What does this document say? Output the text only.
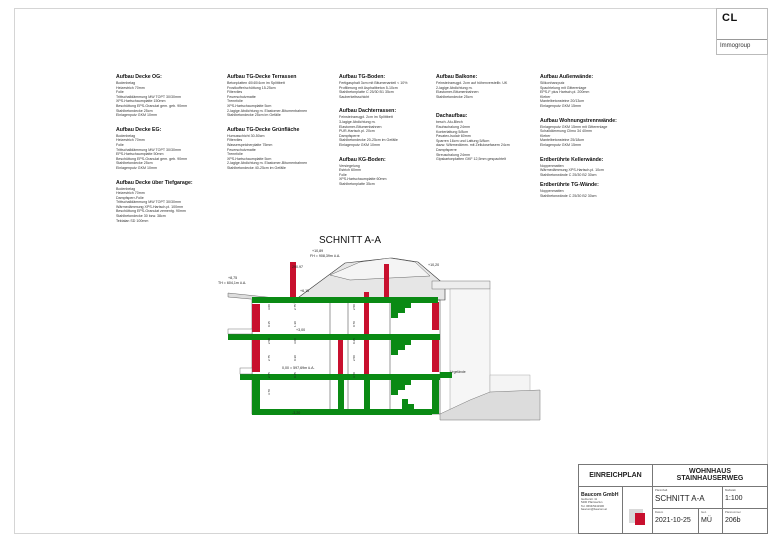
CL
Immogroup
Aufbau Decke OG:
Bodenbelag
Heizestrich 70mm
Folie
Trittschalldämmung MW TOPT 30/30mm
XPS-Hartschaumplatte 150mm
Beschüttung EPS-Granulat gem. geb. 90mm
Stahlbetondecke 25cm
Einlagenputz GKM 10mm
Aufbau Decke EG:
Bodenbelag
Heizestrich 70mm
Folie
Trittschalldämmung MW TOPT 30/30mm
EPS-Hartschaumplatte 50mm
Beschüttung EPS-Granulat gem. geb. 90mm
Stahlbetondecke 25cm
Einlagenputz GKM 10mm
Aufbau Decke über Tiefgarage:
Bodenbelag
Heizestrich 70mm
Dampfsperr-Folie
Trittschalldämmung MW TOPT 30/30mm
Wärmedämmung XPS-Hartsch.pl. 100mm
Beschüttung EPS-Granulat zementg. 90mm
Stahlbetondecke 30 bzw. 38cm
Tektalan SD 100mm
Aufbau TG-Decke Terrassen
Betonplatten 40/40/4cm im Splittbett
Frostkoffer/schüttung 15-25cm
Filtervlies
Feuerschutzmatte
Trennfolie
XPS-Hartschaumplatte 5cm
2-lagige Abdichtung m. Elastomer-Bitumenbahnen
Stahlbetondecke 25cm im Gefälle
Aufbau TG-Decke Grünfläche
Humusschicht 30-50cm
Filtervlies
Wasserspeicherplatte 75mm
Feuerschutzmatte
Trennfolie
XPS-Hartschaumplatte 5cm
2-lagige Abdichtung m. Elastomer-Bitumenbahnen
Stahlbetondecke 40-25cm im Gefälle
Aufbau TG-Boden:
Fertigasphalt 3cm mit Bitumenanteil < 10%
Profilierung mit Asphaltbeton 5-10cm
Stahlbetonplatte C 25/30 B1 35cm
Sauberkeitsschicht
Aufbau Dachterrassen:
Feinsteinzeugpl. 2cm im Splittbett
3-lagige Abdichtung m.
Elastomer-Bitumenbahnen
PUR-Hartsch.pl. 20cm
Dampfsperre
Stahlbetondecke 20-25cm im Gefälle
Einlagenputz GKM 10mm
Aufbau KG-Boden:
Versiegelung
Estrich 60mm
Folie
XPS-Hartschaumplatte 60mm
Stahlbetonplatte 35cm
Aufbau Balkone:
Feinsteinzeugpl. 2cm auf höhenverstellb. UK
2-lagige Abdichtung m.
Elastomer-Bitumenbahnen
Stahlbetondecke 25cm
Dachaufbau:
besch. Alu-Blech
Rauhschalung 24mm
Konterlattung 5/8cm
Pavatex-Isolair 60mm
Sparren 16cm und Lattung 5/8cm
dazw. Wärmedämm. mit Zellulosefasern 24cm
Dampfsperre
Streuschalung 24mm
Gipskartonplatten GKF 12,5mm gespachtelt
Aufbau Außenwände:
Silikonharzputz
Spachtelung mit Gitterenlage
EPS-F plus Hartsch.pl. 200mm
Kleber
Mantelbetonsteine 20/13cm
Einlagenputz GKM 15mm
Aufbau Wohnungstrennwände:
Einlagenputz GKM 15mm mit Gitterenlage
Schalldämmung Climo 34 40mm
Kleber
Mantelbetonsteine 25/18cm
Einlagenputz GKM 15mm
Erdberührte Kellerwände:
Noppenmatten
Wärmedämmung XPS-Hartsch.pl. 10cm
Stahlbetonwände C 25/30 B2 30cm
Erdberührte TG-Wände:
Noppenmatten
Stahlbetonwände C 25/30 B2 30cm
SCHNITT A-A
Urgelände
+10,89
FH = 908,39m ü.A.
+10,20
290.97
+8,75
TH = 604,1m ü.A.
+6,15
+3,00
0,00 = 597,69m ü.A.
-3,20
3.00	2.75	2.50
0.15	1.30	0.70
2.50	3.00	0.25
2.75	0.30	2.50
2.75	0.45	3.70
3.70
EINREICHPLAN
WOHNHAUS
STAINHAUSERWEG
Baucom GmbH
Gerberstr. 11
5400 Pfarrwerfen
Tel. 0664/5241900
baucom@baucom.at
Planinhalt
SCHNITT A-A
Maßstab
1:100
Datum
2021-10-25
Gez.
MÜ
Plannummer
206b
